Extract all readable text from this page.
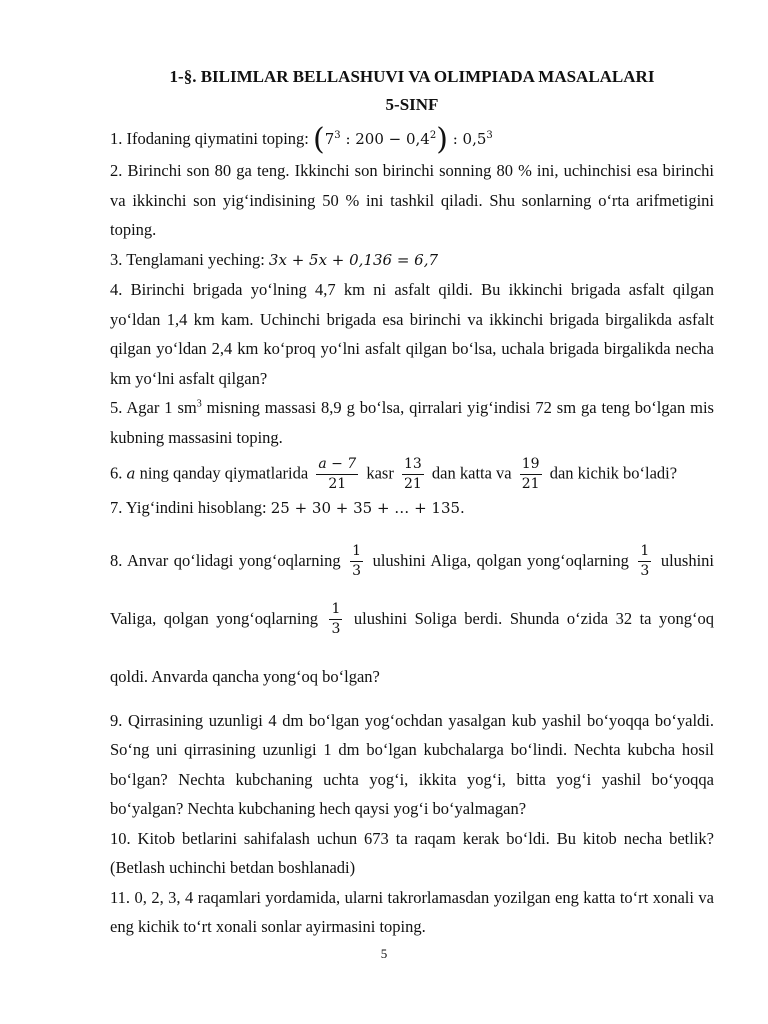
1-§. BILIMLAR BELLASHUVI VA OLIMPIADA MASALALARI

5-SINF

1. Ifodaning qiymatini toping: ($7^3$ : $200 - 0,4^2$) : $0,5^3$

2. Birinchi son 80 ga teng. Ikkinchi son birinchi sonning 80 % ini, uchinchisi esa birinchi va ikkinchi son yig‘indisining 50 % ini tashkil qiladi. Shu sonlarning o‘rta arifmetigini toping.

3. Tenglamani yeching: 3x + 5x + 0,136 = 6,7

4. Birinchi brigada yo‘lning 4,7 km ni asfalt qildi. Bu ikkinchi brigada asfalt qilgan yo‘ldan 1,4 km kam. Uchinchi brigada esa birinchi va ikkinchi brigada birgalikda asfalt qilgan yo‘ldan 2,4 km ko‘proq yo‘lni asfalt qilgan bo‘lsa, uchala brigada birgalikda necha km yo‘lni asfalt qilgan?

5. Agar 1 $sm^3$ misning massasi 8,9 g bo‘lsa, qirralari yig‘indisi 72 sm ga teng bo‘lgan mis kubning massasini toping.

6. a ning qanday qiymatlarida $\frac{a - 7}{21}$ kasr $\frac{13}{21}$ dan katta va $\frac{19}{21}$ dan kichik bo‘ladi?

7. Yig‘indini hisoblang: 25 + 30 + 35 + … + 135.

8. Anvar qo‘lidagi yong‘oqlarning $\frac{1}{3}$ ulushini Aliga, qolgan yong‘oqlarning $\frac{1}{3}$ ulushini Valiga, qolgan yong‘oqlarning $\frac{1}{3}$ ulushini Soliga berdi. Shunda o‘zida 32 ta yong‘oq qoldi. Anvarda qancha yong‘oq bo‘lgan?

9. Qirrasining uzunligi 4 dm bo‘lgan yog‘ochdan yasalgan kub yashil bo‘yoqqa bo‘yaldi. So‘ng uni qirrasining uzunligi 1 dm bo‘lgan kubchalarga bo‘lindi. Nechta kubcha hosil bo‘lgan? Nechta kubchaning uchta yog‘i, ikkita yog‘i, bitta yog‘i yashil bo‘yoqqa bo‘yalgan? Nechta kubchaning hech qaysi yog‘i bo‘yalmagan?

10. Kitob betlarini sahifalash uchun 673 ta raqam kerak bo‘ldi. Bu kitob necha betlik? (Betlash uchinchi betdan boshlanadi)

11. 0, 2, 3, 4 raqamlari yordamida, ularni takrorlamasdan yozilgan eng katta to‘rt xonali va eng kichik to‘rt xonali sonlar ayirmasini toping.

5
